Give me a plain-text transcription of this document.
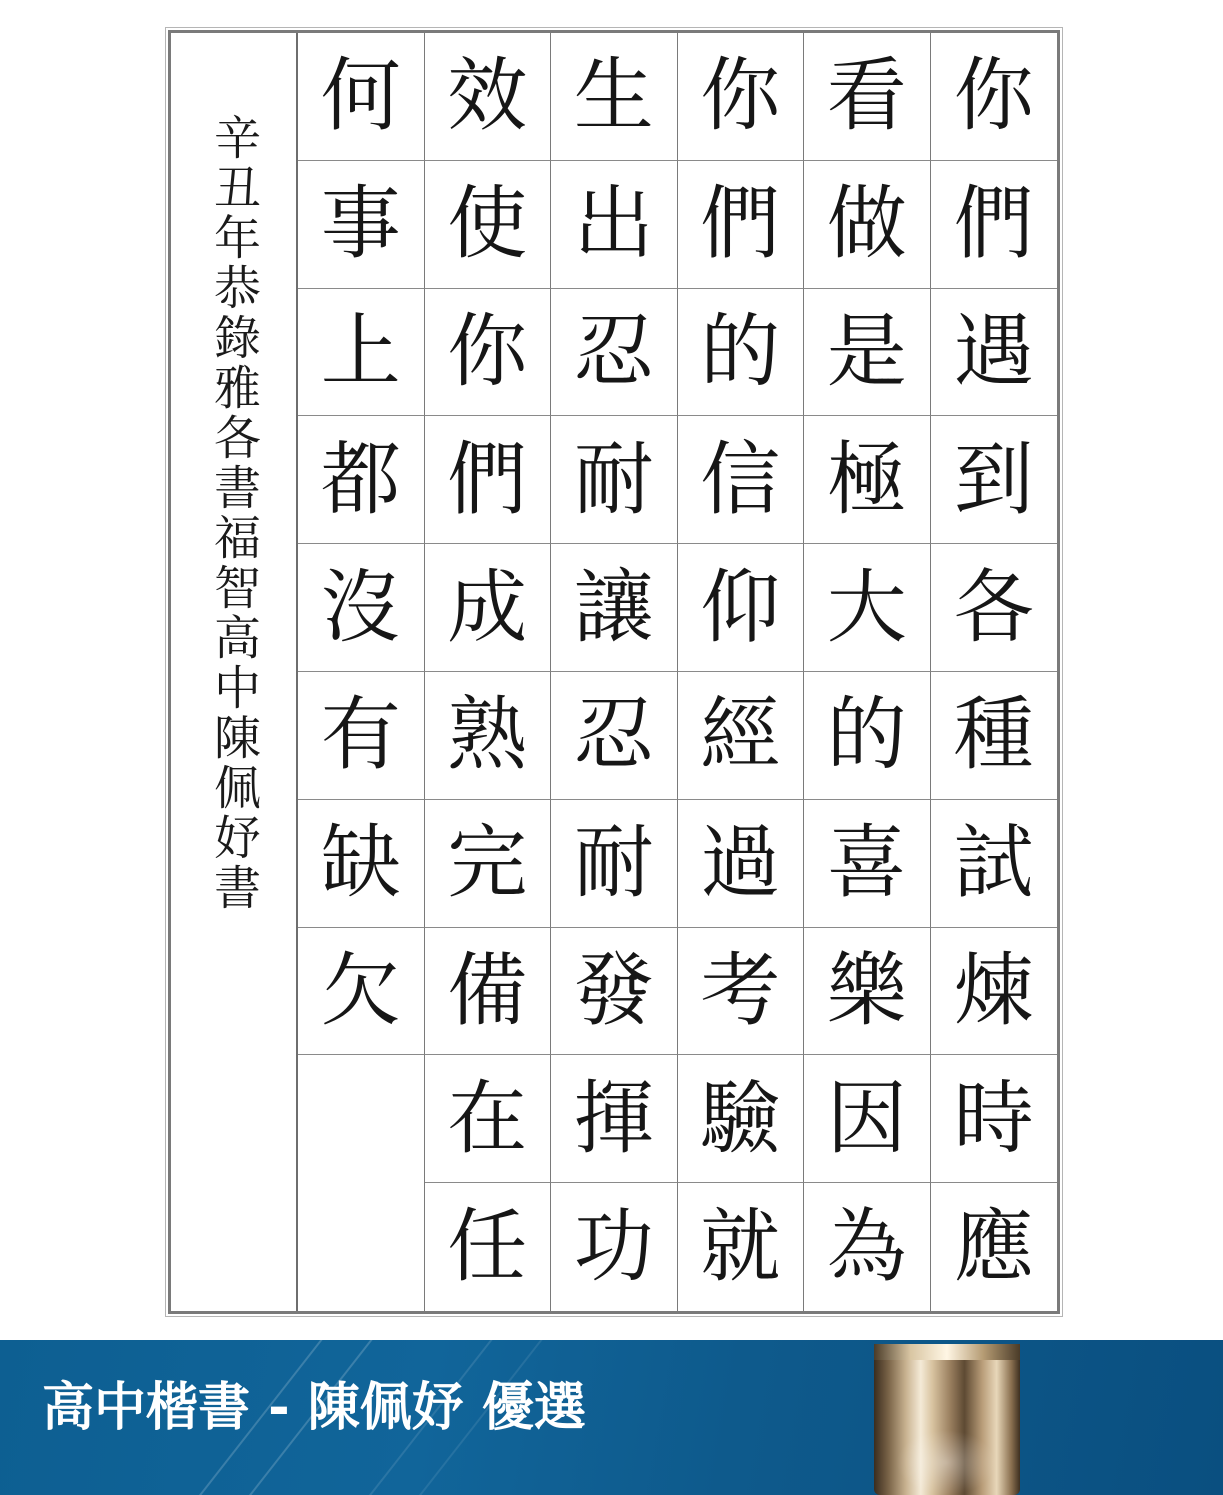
何 效 生 你 看 你
事 使 出 們 做 們
上 你 忍 的 是 遇
都 們 耐 信 極 到
沒 成 讓 仰 大 各
有 熟 忍 經 的 種
缺 完 耐 過 喜 試
欠 備 發 考 樂 煉
在 揮 驗 因 時
任 功 就 為 應
辛丑年恭錄雅各書福智高中陳佩妤書
高中楷書 - 陳佩妤 優選
